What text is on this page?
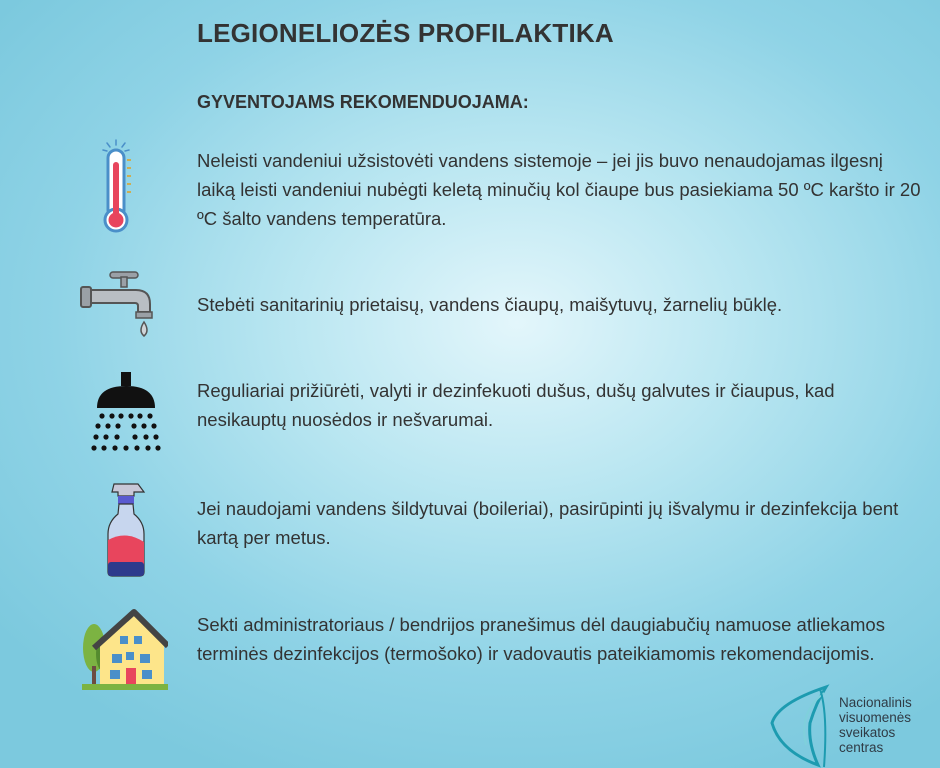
LEGIONELIOZĖS PROFILAKTIKA
GYVENTOJAMS REKOMENDUOJAMA:
Neleisti vandeniui užsistovėti vandens sistemoje – jei jis buvo nenaudojamas ilgesnį laiką leisti vandeniui nubėgti keletą minučių kol čiaupe bus pasiekiama 50 ºC karšto ir 20 ºC šalto vandens temperatūra.
Stebėti sanitarinių prietaisų, vandens čiaupų, maišytuvų, žarnelių būklę.
Reguliariai prižiūrėti, valyti ir dezinfekuoti dušus, dušų galvutes ir čiaupus, kad nesikauptų nuosėdos ir nešvarumai.
Jei naudojami vandens šildytuvai (boileriai), pasirūpinti jų išvalymu ir dezinfekcija bent kartą per metus.
Sekti administratoriaus / bendrijos pranešimus dėl daugiabučių namuose atliekamos terminės dezinfekcijos (termošoko) ir vadovautis pateikiamomis rekomendacijomis.
Nacionalinis
visuomenės
sveikatos
centras
